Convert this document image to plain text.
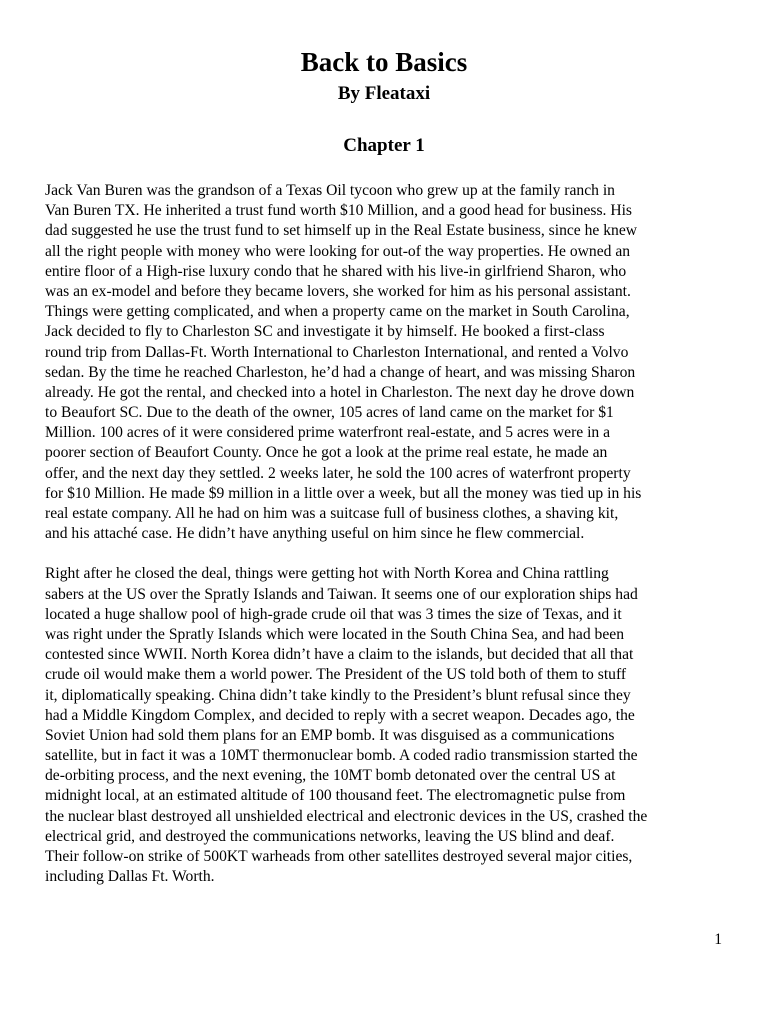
Back to Basics
By Fleataxi
Chapter 1
Jack Van Buren was the grandson of a Texas Oil tycoon who grew up at the family ranch in
Van Buren TX. He inherited a trust fund worth $10 Million, and a good head for business. His
dad suggested he use the trust fund to set himself up in the Real Estate business, since he knew
all the right people with money who were looking for out-of the way properties. He owned an
entire floor of a High-rise luxury condo that he shared with his live-in girlfriend Sharon, who
was an ex-model and before they became lovers, she worked for him as his personal assistant.
Things were getting complicated, and when a property came on the market in South Carolina,
Jack decided to fly to Charleston SC and investigate it by himself. He booked a first-class
round trip from Dallas-Ft. Worth International to Charleston International, and rented a Volvo
sedan. By the time he reached Charleston, he’d had a change of heart, and was missing Sharon
already. He got the rental, and checked into a hotel in Charleston. The next day he drove down
to Beaufort SC. Due to the death of the owner, 105 acres of land came on the market for $1
Million. 100 acres of it were considered prime waterfront real-estate, and 5 acres were in a
poorer section of Beaufort County. Once he got a look at the prime real estate, he made an
offer, and the next day they settled. 2 weeks later, he sold the 100 acres of waterfront property
for $10 Million. He made $9 million in a little over a week, but all the money was tied up in his
real estate company. All he had on him was a suitcase full of business clothes, a shaving kit,
and his attaché case. He didn’t have anything useful on him since he flew commercial.
Right after he closed the deal, things were getting hot with North Korea and China rattling
sabers at the US over the Spratly Islands and Taiwan. It seems one of our exploration ships had
located a huge shallow pool of high-grade crude oil that was 3 times the size of Texas, and it
was right under the Spratly Islands which were located in the South China Sea, and had been
contested since WWII. North Korea didn’t have a claim to the islands, but decided that all that
crude oil would make them a world power. The President of the US told both of them to stuff
it, diplomatically speaking. China didn’t take kindly to the President’s blunt refusal since they
had a Middle Kingdom Complex, and decided to reply with a secret weapon. Decades ago, the
Soviet Union had sold them plans for an EMP bomb. It was disguised as a communications
satellite, but in fact it was a 10MT thermonuclear bomb. A coded radio transmission started the
de-orbiting process, and the next evening, the 10MT bomb detonated over the central US at
midnight local, at an estimated altitude of 100 thousand feet. The electromagnetic pulse from
the nuclear blast destroyed all unshielded electrical and electronic devices in the US, crashed the
electrical grid, and destroyed the communications networks, leaving the US blind and deaf.
Their follow-on strike of 500KT warheads from other satellites destroyed several major cities,
including Dallas Ft. Worth.
1
